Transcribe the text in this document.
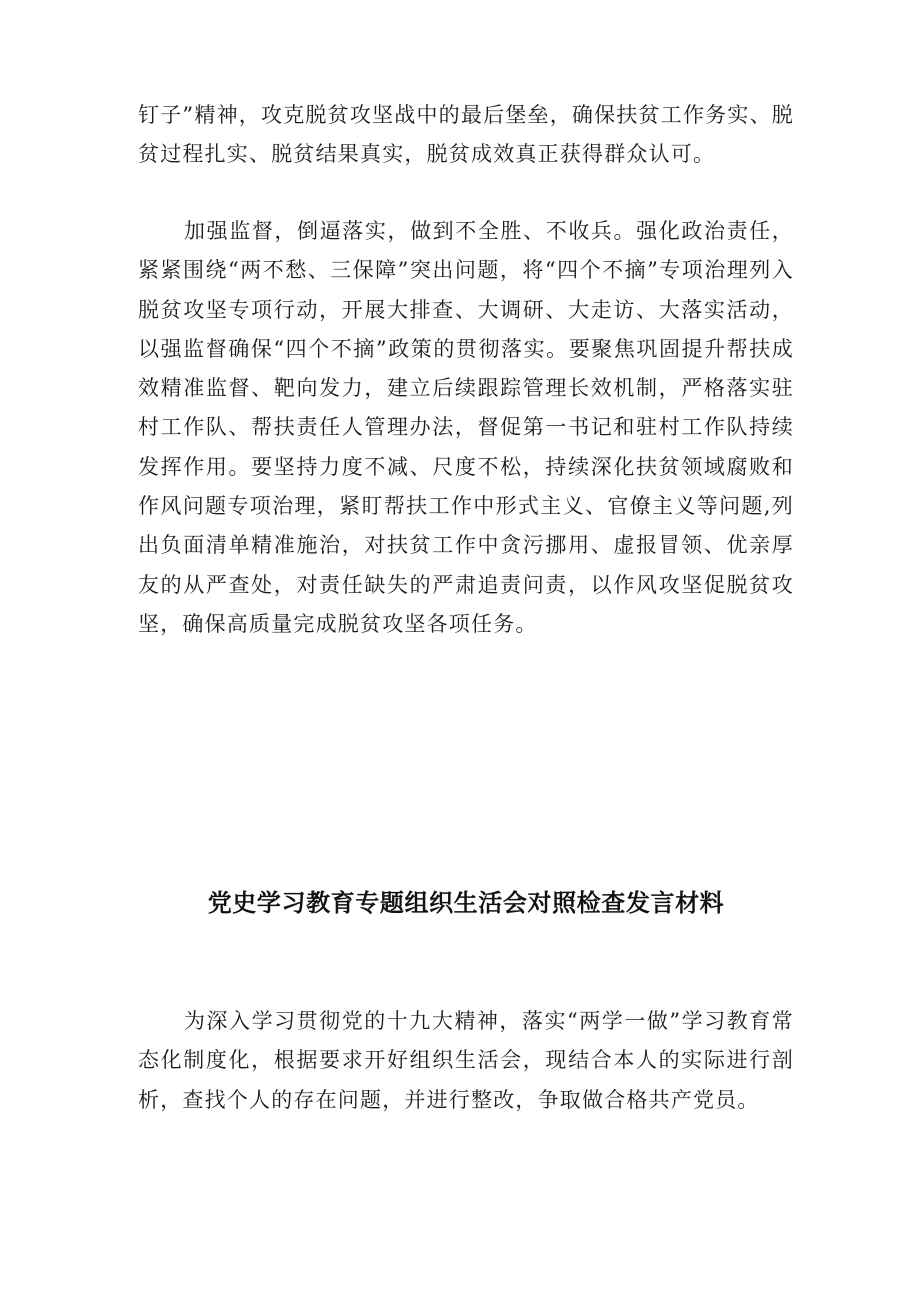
钉子”精神，攻克脱贫攻坚战中的最后堡垒，确保扶贫工作务实、脱贫过程扎实、脱贫结果真实，脱贫成效真正获得群众认可。

加强监督，倒逼落实，做到不全胜、不收兵。强化政治责任，紧紧围绕“两不愁、三保障”突出问题，将“四个不摘”专项治理列入脱贫攻坚专项行动，开展大排查、大调研、大走访、大落实活动，以强监督确保“四个不摘”政策的贯彻落实。要聚焦巩固提升帮扶成效精准监督、靶向发力，建立后续跟踪管理长效机制，严格落实驻村工作队、帮扶责任人管理办法，督促第一书记和驻村工作队持续发挥作用。要坚持力度不减、尺度不松，持续深化扶贫领域腐败和作风问题专项治理，紧盯帮扶工作中形式主义、官僚主义等问题,列出负面清单精准施治，对扶贫工作中贪污挪用、虚报冒领、优亲厚友的从严查处，对责任缺失的严肃追责问责，以作风攻坚促脱贫攻坚，确保高质量完成脱贫攻坚各项任务。

党史学习教育专题组织生活会对照检查发言材料

为深入学习贯彻党的十九大精神，落实“两学一做”学习教育常态化制度化，根据要求开好组织生活会，现结合本人的实际进行剖析，查找个人的存在问题，并进行整改，争取做合格共产党员。
